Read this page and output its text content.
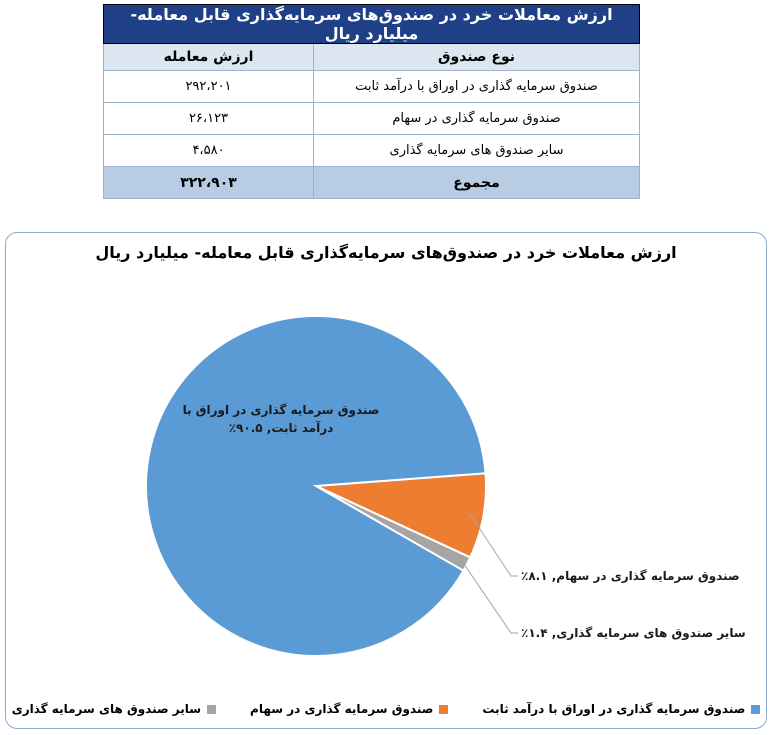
ارزش معاملات خرد در صندوق‌های سرمایه‌گذاری قابل معامله- میلیارد ریال	
نوع صندوق	ارزش معامله
صندوق سرمایه گذاری در اوراق با درآمد ثابت	۲۹۲،۲۰۱
صندوق سرمایه گذاری در سهام	۲۶،۱۲۳
سایر صندوق های سرمایه گذاری	۴،۵۸۰
مجموع	۳۲۲،۹۰۳
ارزش معاملات خرد در صندوق‌های سرمایه‌گذاری قابل معامله- میلیارد ریال
صندوق سرمایه گذاری در اوراق با
درآمد ثابت, ۹۰.۵٪
صندوق سرمایه گذاری در سهام, ۸.۱٪
سایر صندوق های سرمایه گذاری, ۱.۴٪
صندوق سرمایه گذاری در اوراق با درآمد ثابت
صندوق سرمایه گذاری در سهام
سایر صندوق های سرمایه گذاری
